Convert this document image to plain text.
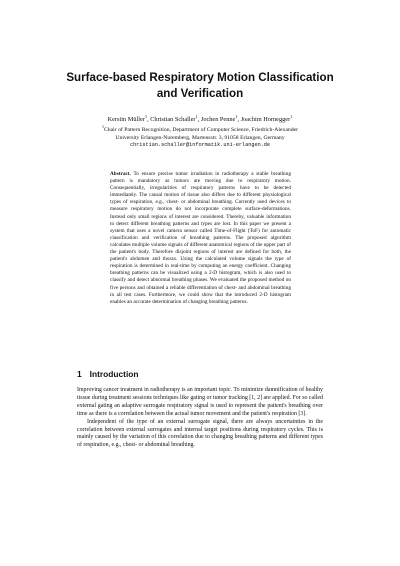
Surface-based Respiratory Motion Classification and Verification
Kerstin Müller$^1$, Christian Schaller$^1$, Jochen Penne$^1$, Joachim Hornegger$^1$
$^1$Chair of Pattern Recognition, Department of Computer Science, Friedrich-Alexander
University Erlangen-Nuremberg, Martensstr. 3, 91058 Erlangen, Germany
christian.schaller@informatik.uni-erlangen.de
Abstract. To ensure precise tumor irradiation in radiotherapy a stable breathing pattern is mandatory as tumors are moving due to respiratory motion. Consequentially, irregularities of respiratory patterns have to be detected immediately. The causal motion of tissue also differs due to different physiological types of respiration, e.g., chest- or abdominal breathing. Currently used devices to measure respiratory motion do not incorporate complete surface-deformations. Instead only small regions of interest are considered. Thereby, valuable information to detect different breathing patterns and types are lost. In this paper we present a system that uses a novel camera sensor called Time-of-Flight (ToF) for automatic classification and verification of breathing patterns. The proposed algorithm calculates multiple volume signals of different anatomical regions of the upper part of the patient's body. Therefore disjoint regions of interest are defined for both, the patient's abdomen and thorax. Using the calculated volume signals the type of respiration is determined in real-time by computing an energy coefficient. Changing breathing patterns can be visualized using a 2-D histogram, which is also used to classify and detect abnormal breathing phases. We evaluated the proposed method on five persons and obtained a reliable differentiation of chest- and abdominal breathing in all test cases. Furthermore, we could show that the introduced 2-D histogram enables an accurate determination of changing breathing patterns.
1 Introduction

Improving cancer treatment in radiotherapy is an important topic. To minimize damnification of healthy tissue during treatment sessions techniques like gating or tumor tracking [1, 2] are applied. For so called external gating an adaptive surrogate respiratory signal is used to represent the patient's breathing over time as there is a correlation between the actual tumor movement and the patient's respiration [3].

Independent of the type of an external surrogate signal, there are always uncertainties in the correlation between external surrogates and internal target positions during respiratory cycles. This is mainly caused by the variation of this correlation due to changing breathing patterns and different types of respiration, e.g., chest- or abdominal breathing.
